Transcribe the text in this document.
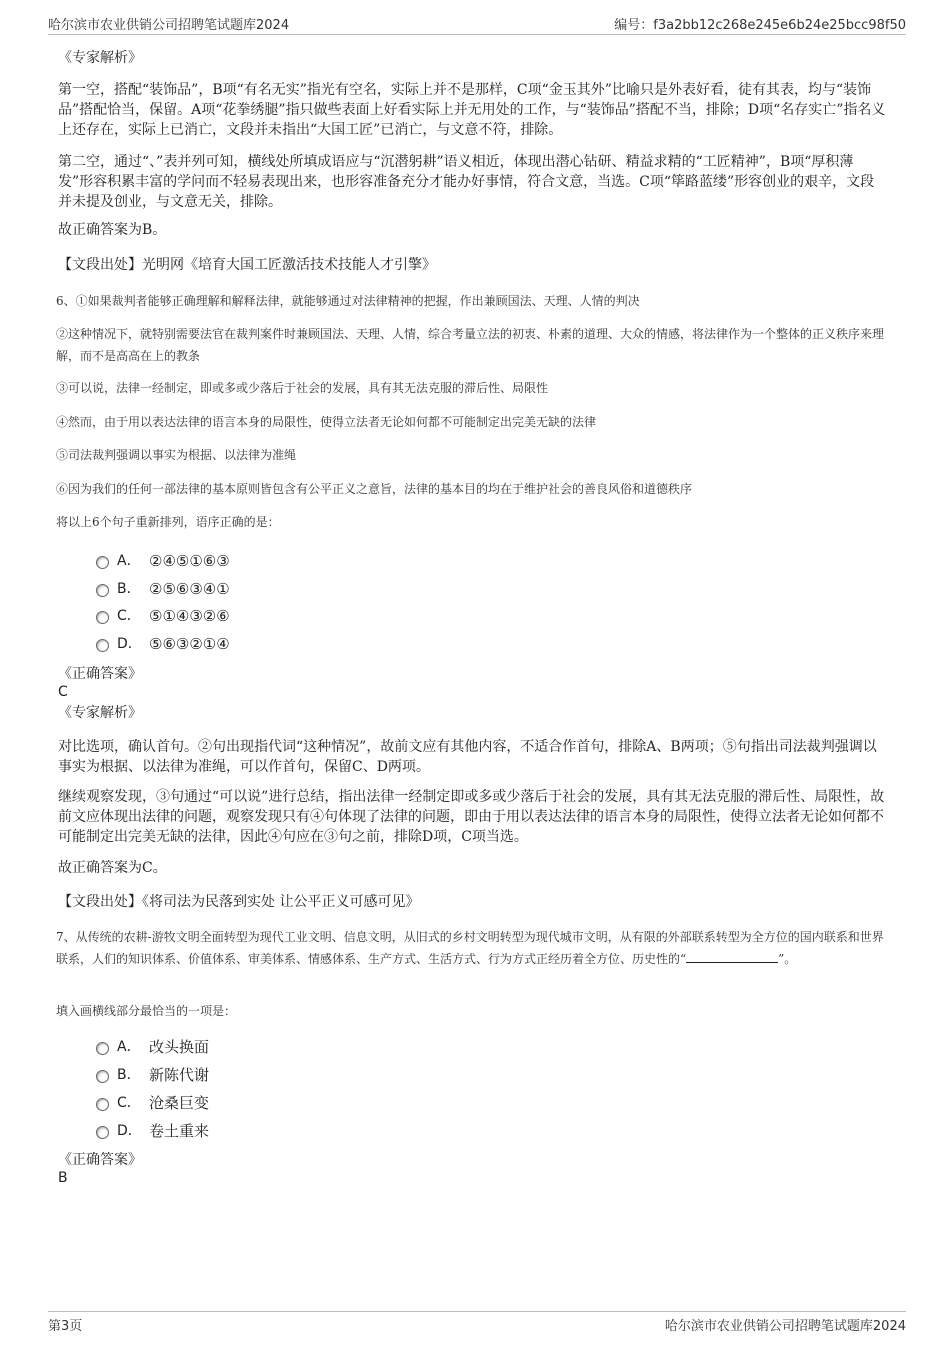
哈尔滨市农业供销公司招聘笔试题库2024	编号：f3a2bb12c268e245e6b24e25bcc98f50

《专家解析》

第一空，搭配“装饰品”，B项“有名无实”指光有空名，实际上并不是那样，C项“金玉其外”比喻只是外表好看，徒有其表，均与“装饰品”搭配恰当，保留。A项“花拳绣腿”指只做些表面上好看实际上并无用处的工作，与“装饰品”搭配不当，排除；D项“名存实亡”指名义上还存在，实际上已消亡，文段并未指出“大国工匠”已消亡，与文意不符，排除。

第二空，通过“、”表并列可知，横线处所填成语应与“沉潜躬耕”语义相近，体现出潜心钻研、精益求精的“工匠精神”，B项“厚积薄发”形容积累丰富的学问而不轻易表现出来，也形容准备充分才能办好事情，符合文意，当选。C项“筚路蓝缕”形容创业的艰辛，文段并未提及创业，与文意无关，排除。

故正确答案为B。

【文段出处】光明网《培育大国工匠激活技术技能人才引擎》

6、①如果裁判者能够正确理解和解释法律，就能够通过对法律精神的把握，作出兼顾国法、天理、人情的判决

②这种情况下，就特别需要法官在裁判案件时兼顾国法、天理、人情，综合考量立法的初衷、朴素的道理、大众的情感，将法律作为一个整体的正义秩序来理解，而不是高高在上的教条

③可以说，法律一经制定，即或多或少落后于社会的发展，具有其无法克服的滞后性、局限性

④然而，由于用以表达法律的语言本身的局限性，使得立法者无论如何都不可能制定出完美无缺的法律

⑤司法裁判强调以事实为根据、以法律为准绳

⑥因为我们的任何一部法律的基本原则皆包含有公平正义之意旨，法律的基本目的均在于维护社会的善良风俗和道德秩序

将以上6个句子重新排列，语序正确的是：

A． ②④⑤①⑥③
B． ②⑤⑥③④①
C． ⑤①④③②⑥
D． ⑤⑥③②①④

《正确答案》

C

《专家解析》

对比选项，确认首句。②句出现指代词“这种情况”，故前文应有其他内容，不适合作首句，排除A、B两项；⑤句指出司法裁判强调以事实为根据、以法律为准绳，可以作首句，保留C、D两项。

继续观察发现，③句通过“可以说”进行总结，指出法律一经制定即或多或少落后于社会的发展，具有其无法克服的滞后性、局限性，故前文应体现出法律的问题，观察发现只有④句体现了法律的问题，即由于用以表达法律的语言本身的局限性，使得立法者无论如何都不可能制定出完美无缺的法律，因此④句应在③句之前，排除D项，C项当选。

故正确答案为C。

【文段出处】《将司法为民落到实处 让公平正义可感可见》

7、从传统的农耕-游牧文明全面转型为现代工业文明、信息文明，从旧式的乡村文明转型为现代城市文明，从有限的外部联系转型为全方位的国内联系和世界联系，人们的知识体系、价值体系、审美体系、情感体系、生产方式、生活方式、行为方式正经历着全方位、历史性的“	”。

填入画横线部分最恰当的一项是：

A． 改头换面
B． 新陈代谢
C． 沧桑巨变
D． 卷土重来

《正确答案》

B

第3页	哈尔滨市农业供销公司招聘笔试题库2024
